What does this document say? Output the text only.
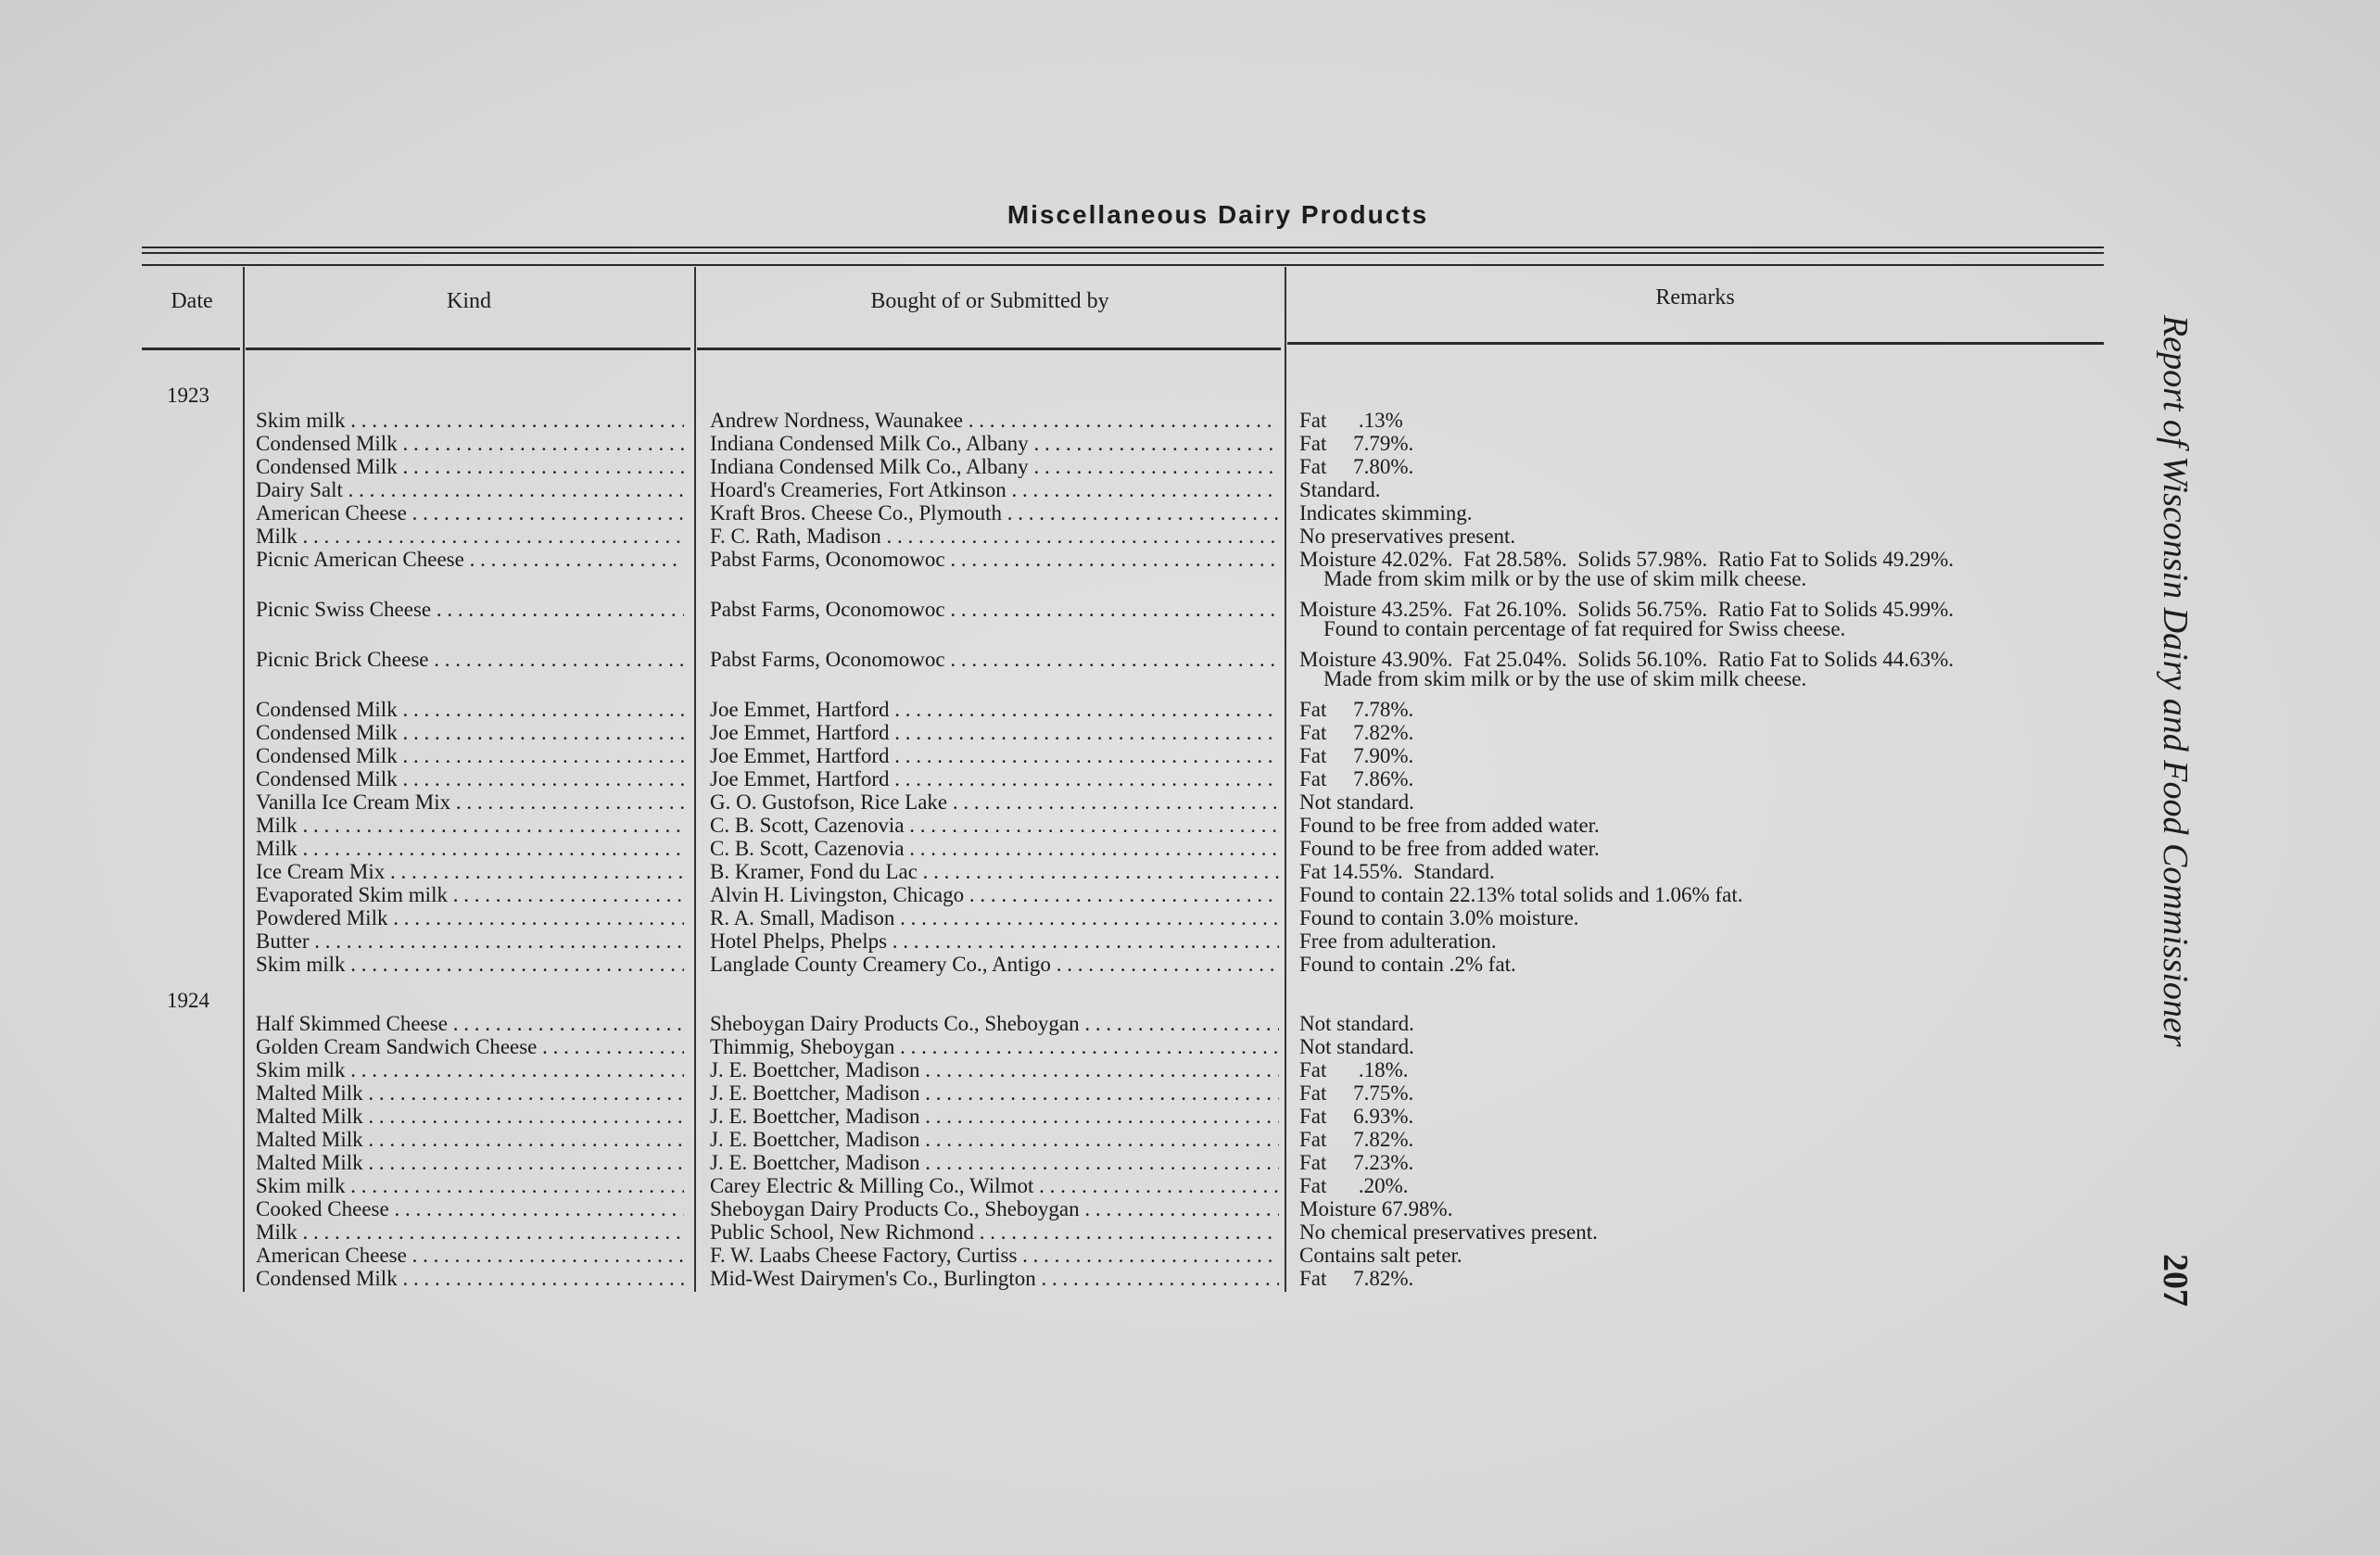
Miscellaneous Dairy Products
Date	Kind	Bought of or Submitted by	Remarks
1923
Skim milk . . .	Andrew Nordness, Waunakee . . .	Fat      .13%
Condensed Milk . . .	Indiana Condensed Milk Co., Albany . . .	Fat     7.79%.
Condensed Milk . . .	Indiana Condensed Milk Co., Albany . . .	Fat     7.80%.
Dairy Salt . . .	Hoard's Creameries, Fort Atkinson . . .	Standard.
American Cheese . . .	Kraft Bros. Cheese Co., Plymouth . . .	Indicates skimming.
Milk . . .	F. C. Rath, Madison . . .	No preservatives present.
Picnic American Cheese . . .	Pabst Farms, Oconomowoc . . .	Moisture 42.02%.  Fat 28.58%.  Solids 57.98%.  Ratio Fat to Solids 49.29%.
Made from skim milk or by the use of skim milk cheese.
Picnic Swiss Cheese . . .	Pabst Farms, Oconomowoc . . .	Moisture 43.25%.  Fat 26.10%.  Solids 56.75%.  Ratio Fat to Solids 45.99%.
Found to contain percentage of fat required for Swiss cheese.
Picnic Brick Cheese . . .	Pabst Farms, Oconomowoc . . .	Moisture 43.90%.  Fat 25.04%.  Solids 56.10%.  Ratio Fat to Solids 44.63%.
Made from skim milk or by the use of skim milk cheese.
Condensed Milk . . .	Joe Emmet, Hartford . . .	Fat     7.78%.
Condensed Milk . . .	Joe Emmet, Hartford . . .	Fat     7.82%.
Condensed Milk . . .	Joe Emmet, Hartford . . .	Fat     7.90%.
Condensed Milk . . .	Joe Emmet, Hartford . . .	Fat     7.86%.
Vanilla Ice Cream Mix . . .	G. O. Gustofson, Rice Lake . . .	Not standard.
Milk . . .	C. B. Scott, Cazenovia . . .	Found to be free from added water.
Milk . . .	C. B. Scott, Cazenovia . . .	Found to be free from added water.
Ice Cream Mix . . .	B. Kramer, Fond du Lac . . .	Fat 14.55%.  Standard.
Evaporated Skim milk . . .	Alvin H. Livingston, Chicago . . .	Found to contain 22.13% total solids and 1.06% fat.
Powdered Milk . . .	R. A. Small, Madison . . .	Found to contain 3.0% moisture.
Butter . . .	Hotel Phelps, Phelps . . .	Free from adulteration.
Skim milk . . .	Langlade County Creamery Co., Antigo . . .	Found to contain .2% fat.
1924
Half Skimmed Cheese . . .	Sheboygan Dairy Products Co., Sheboygan . . .	Not standard.
Golden Cream Sandwich Cheese . . .	Thimmig, Sheboygan . . .	Not standard.
Skim milk . . .	J. E. Boettcher, Madison . . .	Fat      .18%.
Malted Milk . . .	J. E. Boettcher, Madison . . .	Fat     7.75%.
Malted Milk . . .	J. E. Boettcher, Madison . . .	Fat     6.93%.
Malted Milk . . .	J. E. Boettcher, Madison . . .	Fat     7.82%.
Malted Milk . . .	J. E. Boettcher, Madison . . .	Fat     7.23%.
Skim milk . . .	Carey Electric & Milling Co., Wilmot . . .	Fat      .20%.
Cooked Cheese . . .	Sheboygan Dairy Products Co., Sheboygan . . .	Moisture 67.98%.
Milk . . .	Public School, New Richmond . . .	No chemical preservatives present.
American Cheese . . .	F. W. Laabs Cheese Factory, Curtiss . . .	Contains salt peter.
Condensed Milk . . .	Mid-West Dairymen's Co., Burlington . . .	Fat     7.82%.
Report of Wisconsin Dairy and Food Commissioner
207
